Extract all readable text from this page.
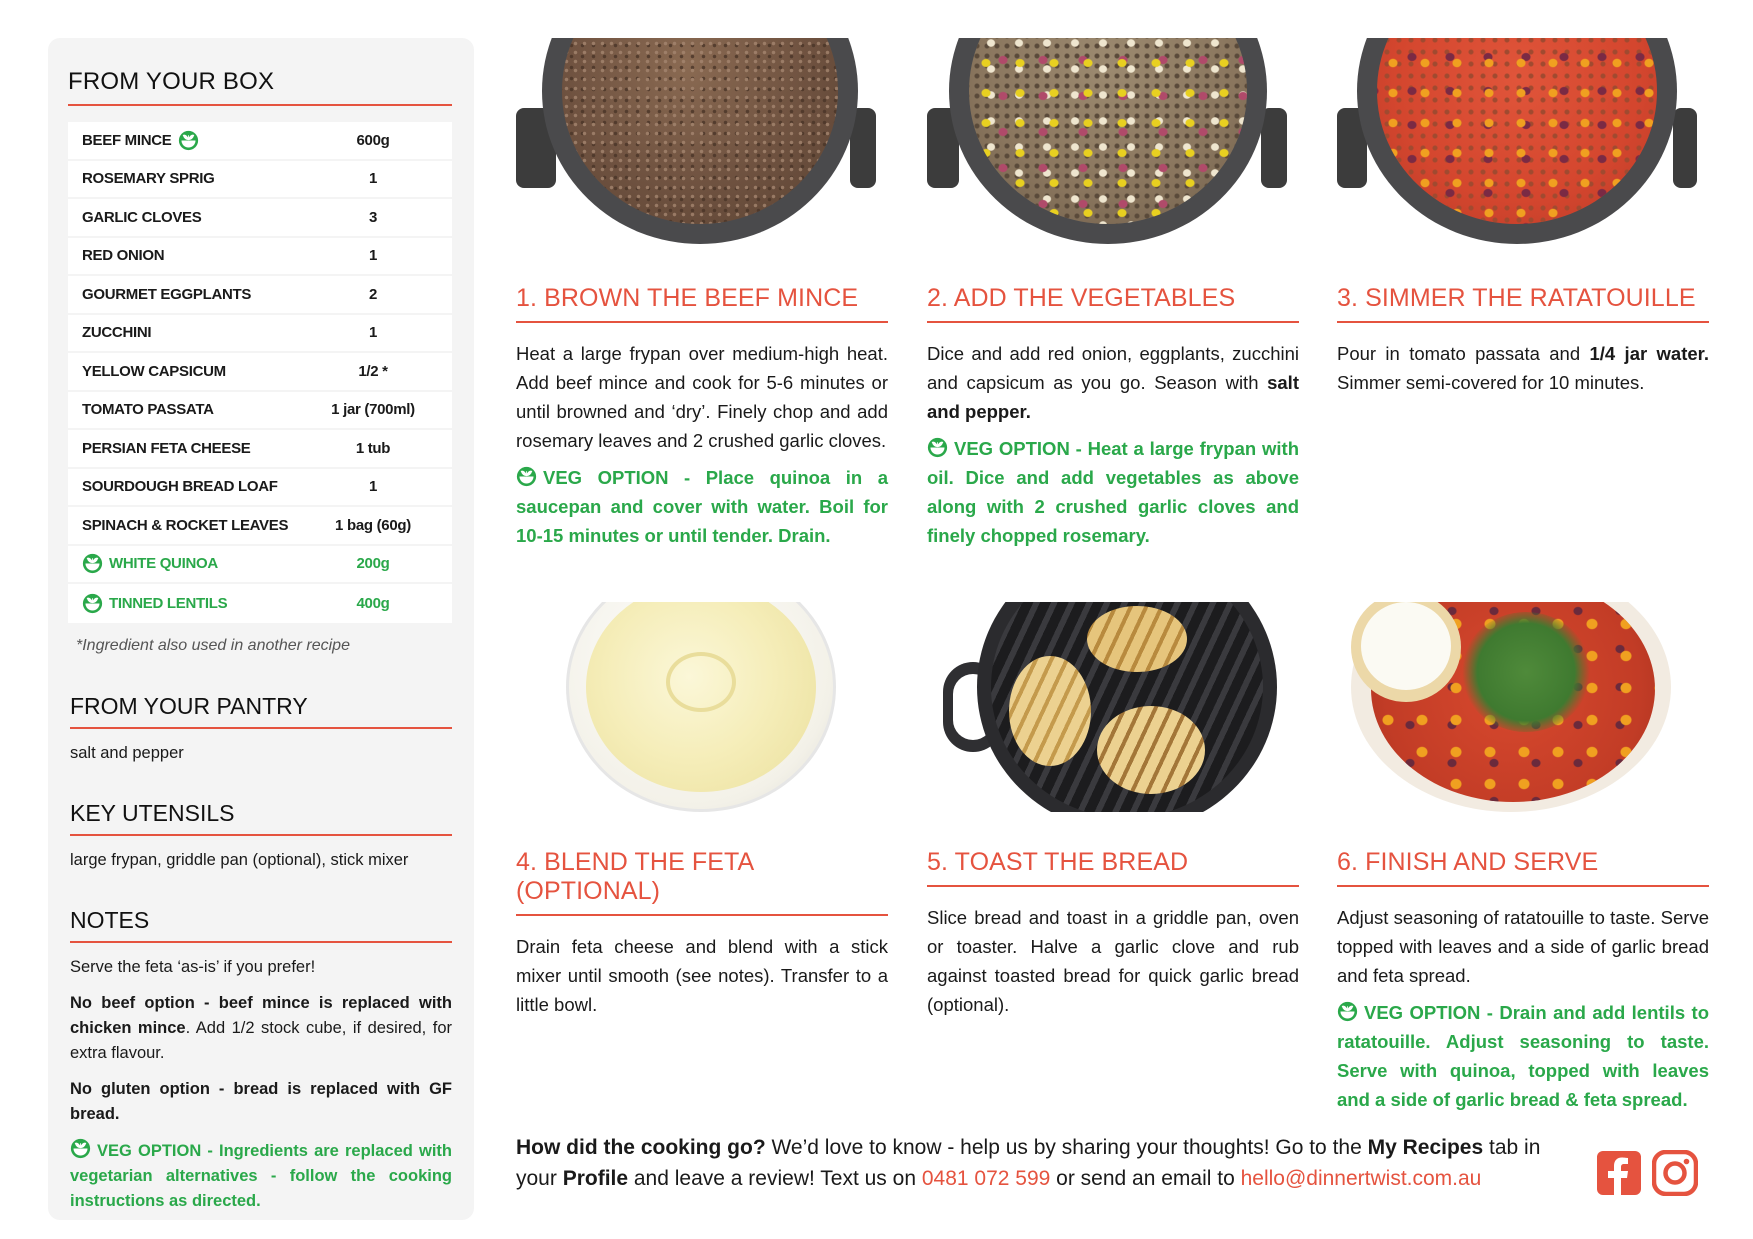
FROM YOUR BOX
BEEF MINCE	600g
ROSEMARY SPRIG	1
GARLIC CLOVES	3
RED ONION	1
GOURMET EGGPLANTS	2
ZUCCHINI	1
YELLOW CAPSICUM	1/2 *
TOMATO PASSATA	1 jar (700ml)
PERSIAN FETA CHEESE	1 tub
SOURDOUGH BREAD LOAF	1
SPINACH & ROCKET LEAVES	1 bag (60g)
WHITE QUINOA	200g
TINNED LENTILS	400g
*Ingredient also used in another recipe
FROM YOUR PANTRY
salt and pepper
KEY UTENSILS
large frypan, griddle pan (optional), stick mixer
NOTES

Serve the feta ‘as-is’ if you prefer!

No beef option - beef mince is replaced with chicken mince. Add 1/2 stock cube, if desired, for extra flavour.

No gluten option - bread is replaced with GF bread.

VEG OPTION - Ingredients are replaced with vegetarian alternatives - follow the cooking instructions as directed.

1. BROWN THE BEEF MINCE
Heat a large frypan over medium-high heat. Add beef mince and cook for 5-6 minutes or until browned and ‘dry’. Finely chop and add rosemary leaves and 2 crushed garlic cloves.
VEG OPTION - Place quinoa in a saucepan and cover with water. Boil for 10-15 minutes or until tender. Drain.
2. ADD THE VEGETABLES
Dice and add red onion, eggplants, zucchini and capsicum as you go. Season with salt and pepper.
VEG OPTION - Heat a large frypan with oil. Dice and add vegetables as above along with 2 crushed garlic cloves and finely chopped rosemary.
3. SIMMER THE RATATOUILLE
Pour in tomato passata and 1/4 jar water. Simmer semi-covered for 10 minutes.
4. BLEND THE FETA (OPTIONAL)
Drain feta cheese and blend with a stick mixer until smooth (see notes). Transfer to a little bowl.
5. TOAST THE BREAD
Slice bread and toast in a griddle pan, oven or toaster. Halve a garlic clove and rub against toasted bread for quick garlic bread (optional).
6. FINISH AND SERVE
Adjust seasoning of ratatouille to taste. Serve topped with leaves and a side of garlic bread and feta spread.
VEG OPTION - Drain and add lentils to ratatouille. Adjust seasoning to taste. Serve with quinoa, topped with leaves and a side of garlic bread & feta spread.
How did the cooking go? We’d love to know - help us by sharing your thoughts! Go to the My Recipes tab in your Profile and leave a review! Text us on 0481 072 599 or send an email to hello@dinnertwist.com.au
